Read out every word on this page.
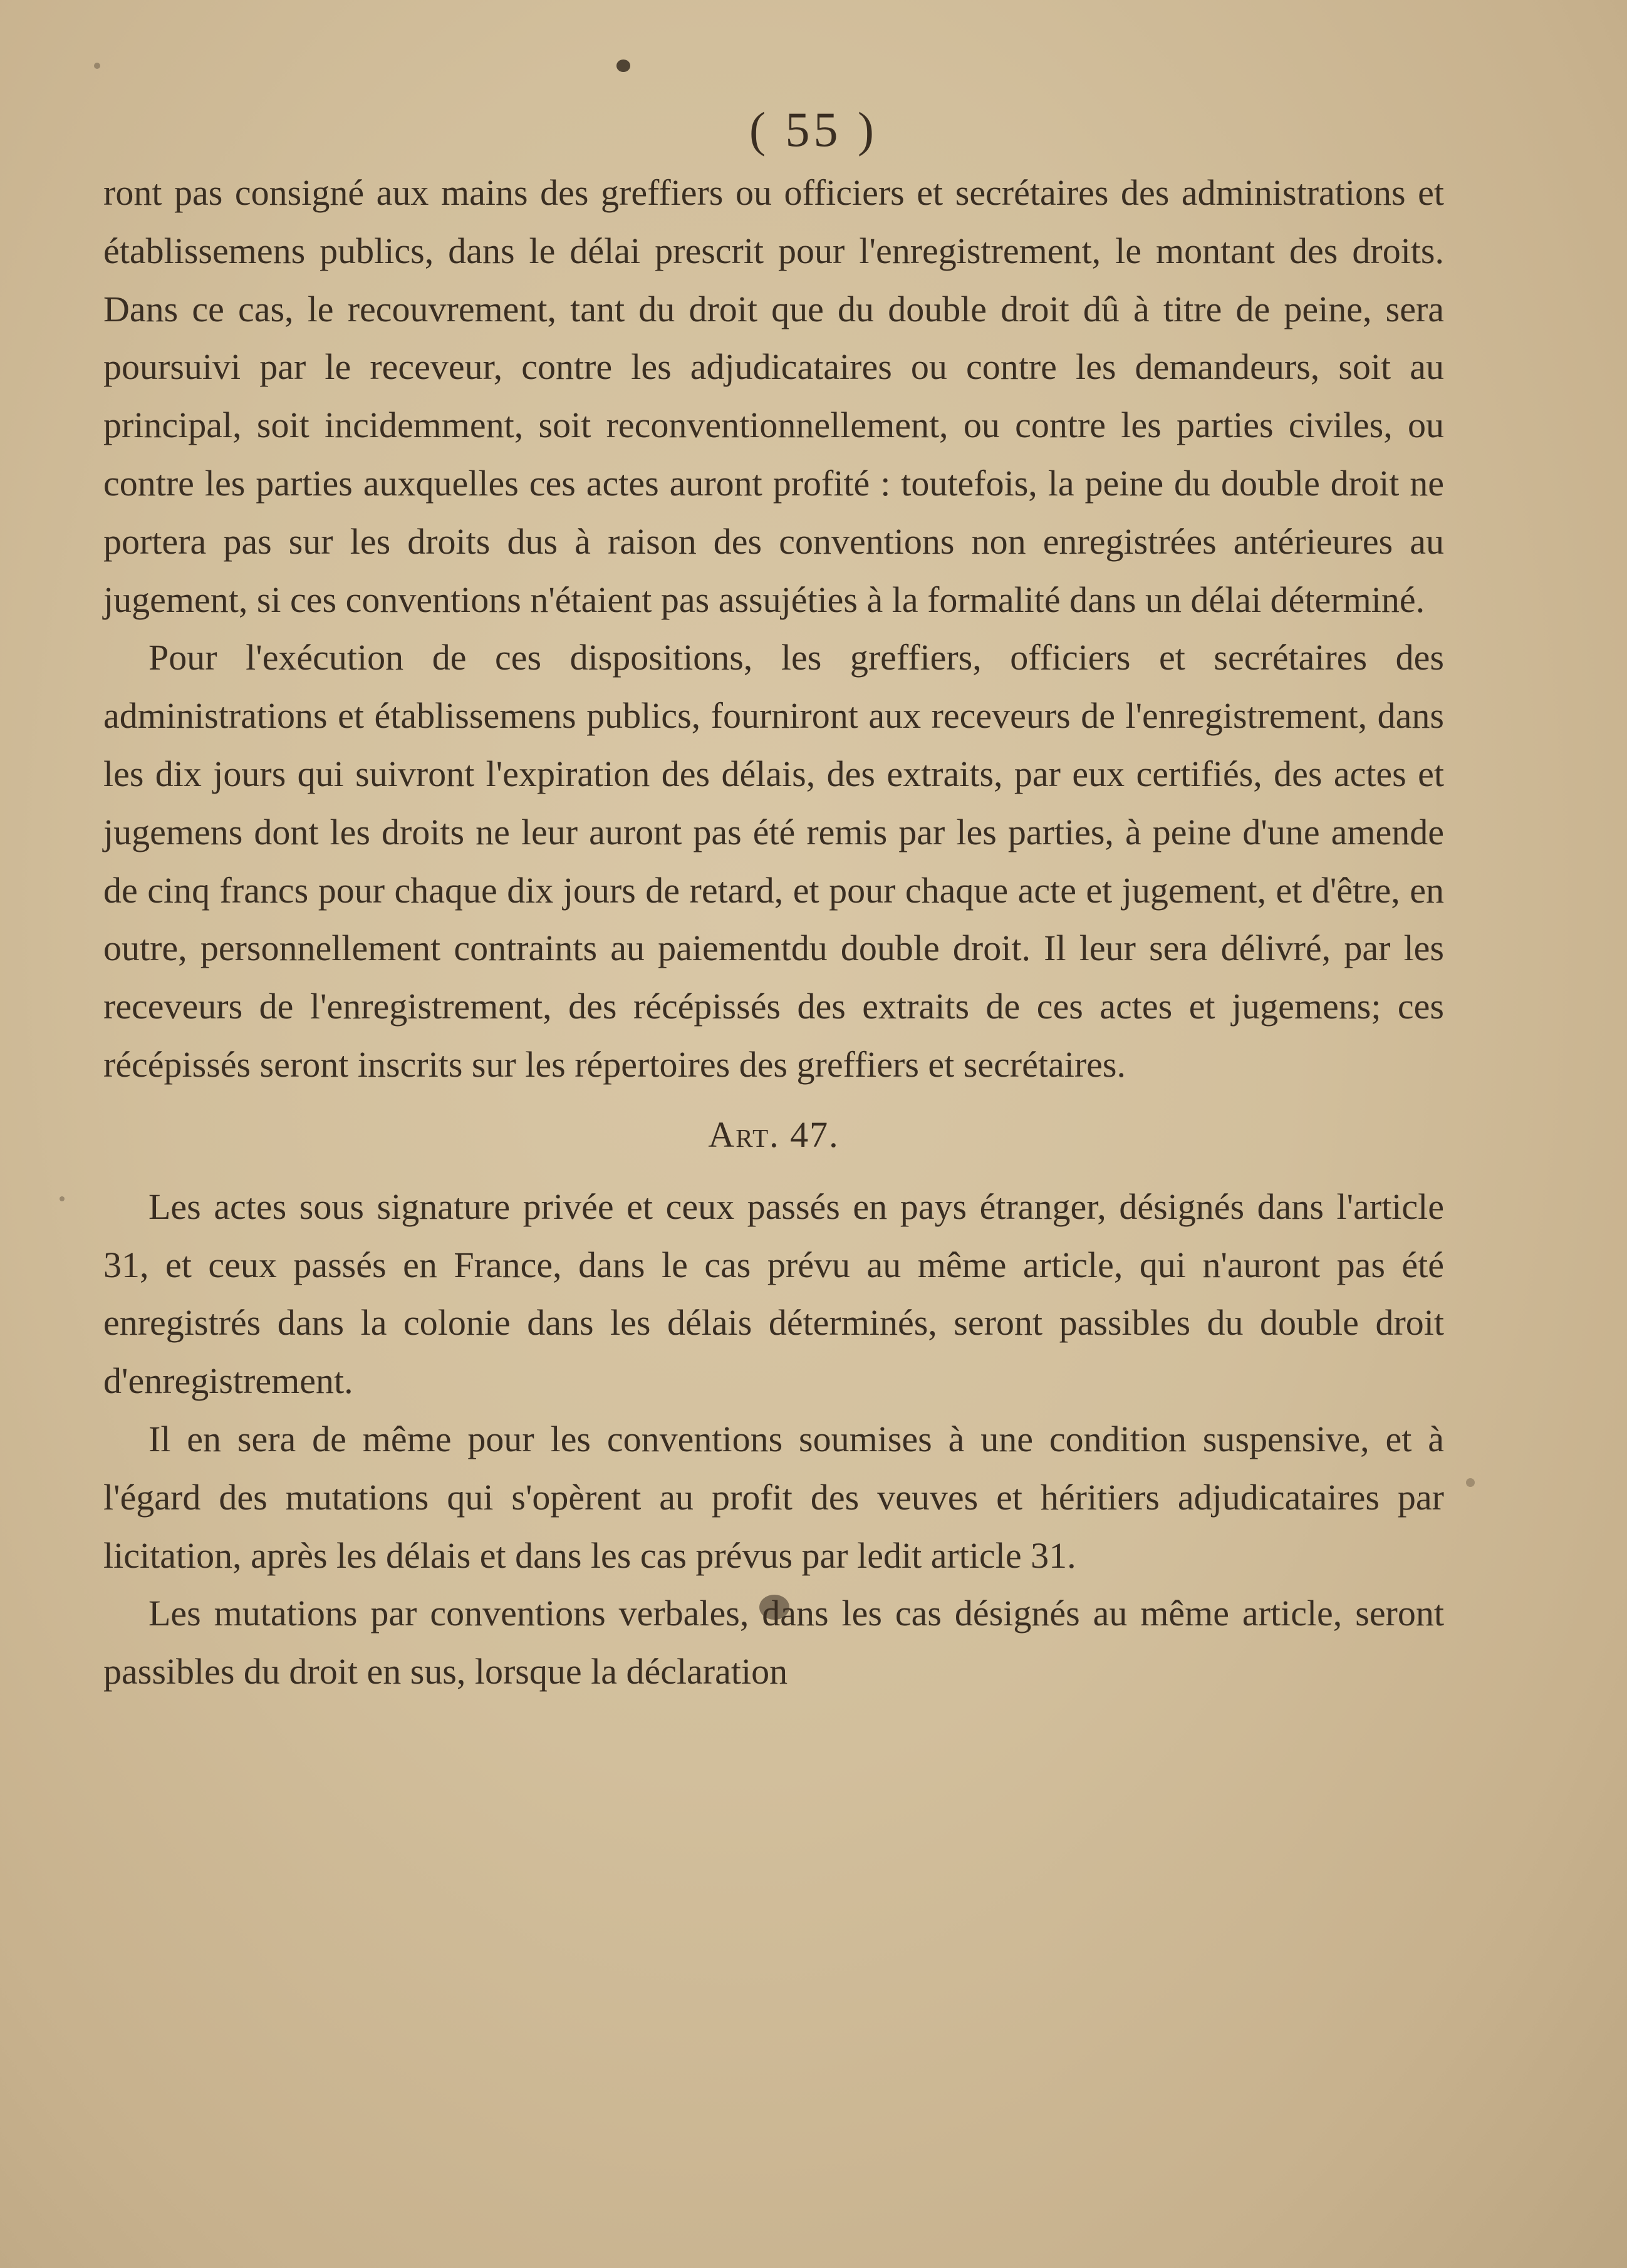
( 55 )

ront pas consigné aux mains des greffiers ou officiers et secrétaires des administrations et établissemens publics, dans le délai prescrit pour l'enregistrement, le montant des droits. Dans ce cas, le recouvrement, tant du droit que du double droit dû à titre de peine, sera poursuivi par le receveur, contre les adjudicataires ou contre les demandeurs, soit au principal, soit incidemment, soit reconventionnellement, ou contre les parties civiles, ou contre les parties auxquelles ces actes auront profité : toutefois, la peine du double droit ne portera pas sur les droits dus à raison des conventions non enregistrées antérieures au jugement, si ces conventions n'étaient pas assujéties à la formalité dans un délai déterminé.

Pour l'exécution de ces dispositions, les greffiers, officiers et secrétaires des administrations et établissemens publics, fourniront aux receveurs de l'enregistrement, dans les dix jours qui suivront l'expiration des délais, des extraits, par eux certifiés, des actes et jugemens dont les droits ne leur auront pas été remis par les parties, à peine d'une amende de cinq francs pour chaque dix jours de retard, et pour chaque acte et jugement, et d'être, en outre, personnellement contraints au paiementdu double droit. Il leur sera délivré, par les receveurs de l'enregistrement, des récépissés des extraits de ces actes et jugemens; ces récépissés seront inscrits sur les répertoires des greffiers et secrétaires.

Art. 47.

Les actes sous signature privée et ceux passés en pays étranger, désignés dans l'article 31, et ceux passés en France, dans le cas prévu au même article, qui n'auront pas été enregistrés dans la colonie dans les délais déterminés, seront passibles du double droit d'enregistrement.

Il en sera de même pour les conventions soumises à une condition suspensive, et à l'égard des mutations qui s'opèrent au profit des veuves et héritiers adjudicataires par licitation, après les délais et dans les cas prévus par ledit article 31.

Les mutations par conventions verbales, dans les cas désignés au même article, seront passibles du droit en sus, lorsque la déclaration
